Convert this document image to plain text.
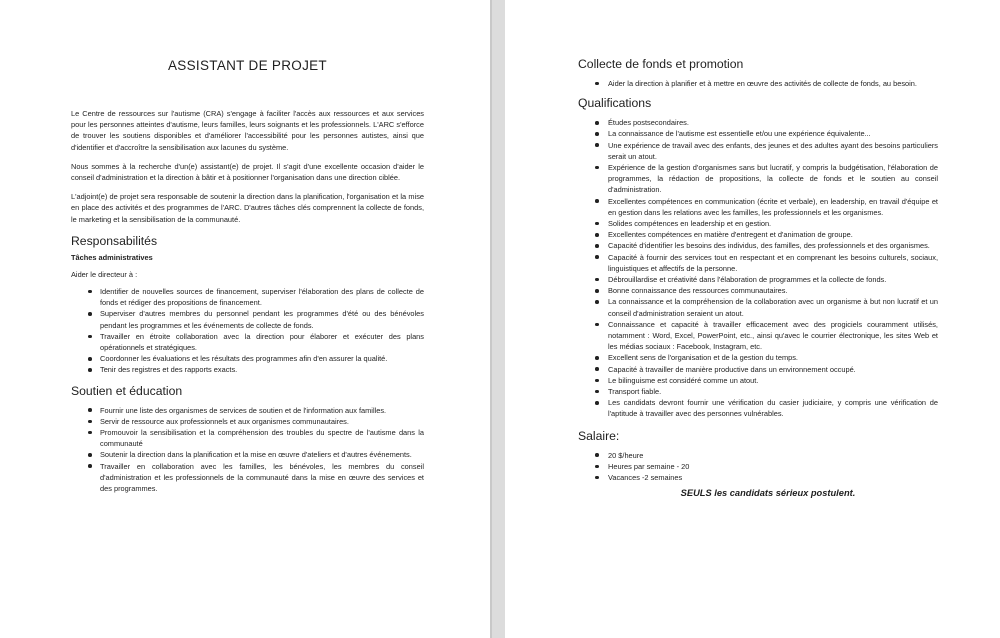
ASSISTANT DE PROJET

Le Centre de ressources sur l'autisme (CRA) s'engage à faciliter l'accès aux ressources et aux services pour les personnes atteintes d'autisme, leurs familles, leurs soignants et les professionnels. L'ARC s'efforce de trouver les soutiens disponibles et d'améliorer l'accessibilité pour les personnes autistes, ainsi que d'identifier et d'accroître la sensibilisation aux lacunes du système.

Nous sommes à la recherche d'un(e) assistant(e) de projet. Il s'agit d'une excellente occasion d'aider le conseil d'administration et la direction à bâtir et à positionner l'organisation dans une direction ciblée.

L'adjoint(e) de projet sera responsable de soutenir la direction dans la planification, l'organisation et la mise en place des activités et des programmes de l'ARC. D'autres tâches clés comprennent la collecte de fonds, le marketing et la sensibilisation de la communauté.

Responsabilités
Tâches administratives

Aider le directeur à :

Identifier de nouvelles sources de financement, superviser l'élaboration des plans de collecte de fonds et rédiger des propositions de financement.
Superviser d'autres membres du personnel pendant les programmes d'été ou des bénévoles pendant les programmes et les événements de collecte de fonds.
Travailler en étroite collaboration avec la direction pour élaborer et exécuter des plans opérationnels et stratégiques.
Coordonner les évaluations et les résultats des programmes afin d'en assurer la qualité.
Tenir des registres et des rapports exacts.
Soutien et éducation
Fournir une liste des organismes de services de soutien et de l'information aux familles.
Servir de ressource aux professionnels et aux organismes communautaires.
Promouvoir la sensibilisation et la compréhension des troubles du spectre de l'autisme dans la communauté
Soutenir la direction dans la planification et la mise en œuvre d'ateliers et d'autres événements.
Travailler en collaboration avec les familles, les bénévoles, les membres du conseil d'administration et les professionnels de la communauté dans la mise en œuvre des services et des programmes.
Collecte de fonds et promotion
Aider la direction à planifier et à mettre en œuvre des activités de collecte de fonds, au besoin.
Qualifications
Études postsecondaires.
La connaissance de l'autisme est essentielle et/ou une expérience équivalente...
Une expérience de travail avec des enfants, des jeunes et des adultes ayant des besoins particuliers serait un atout.
Expérience de la gestion d'organismes sans but lucratif, y compris la budgétisation, l'élaboration de programmes, la rédaction de propositions, la collecte de fonds et le soutien au conseil d'administration.
Excellentes compétences en communication (écrite et verbale), en leadership, en travail d'équipe et en gestion dans les relations avec les familles, les professionnels et les organismes.
Solides compétences en leadership et en gestion.
Excellentes compétences en matière d'entregent et d'animation de groupe.
Capacité d'identifier les besoins des individus, des familles, des professionnels et des organismes.
Capacité à fournir des services tout en respectant et en comprenant les besoins culturels, sociaux, linguistiques et affectifs de la personne.
Débrouillardise et créativité dans l'élaboration de programmes et la collecte de fonds.
Bonne connaissance des ressources communautaires.
La connaissance et la compréhension de la collaboration avec un organisme à but non lucratif et un conseil d'administration seraient un atout.
Connaissance et capacité à travailler efficacement avec des progiciels couramment utilisés, notamment : Word, Excel, PowerPoint, etc., ainsi qu'avec le courrier électronique, les sites Web et les médias sociaux : Facebook, Instagram, etc.
Excellent sens de l'organisation et de la gestion du temps.
Capacité à travailler de manière productive dans un environnement occupé.
Le bilinguisme est considéré comme un atout.
Transport fiable.
Les candidats devront fournir une vérification du casier judiciaire, y compris une vérification de l'aptitude à travailler avec des personnes vulnérables.
Salaire:
20 $/heure
Heures par semaine - 20
Vacances -2 semaines

SEULS les candidats sérieux postulent.
